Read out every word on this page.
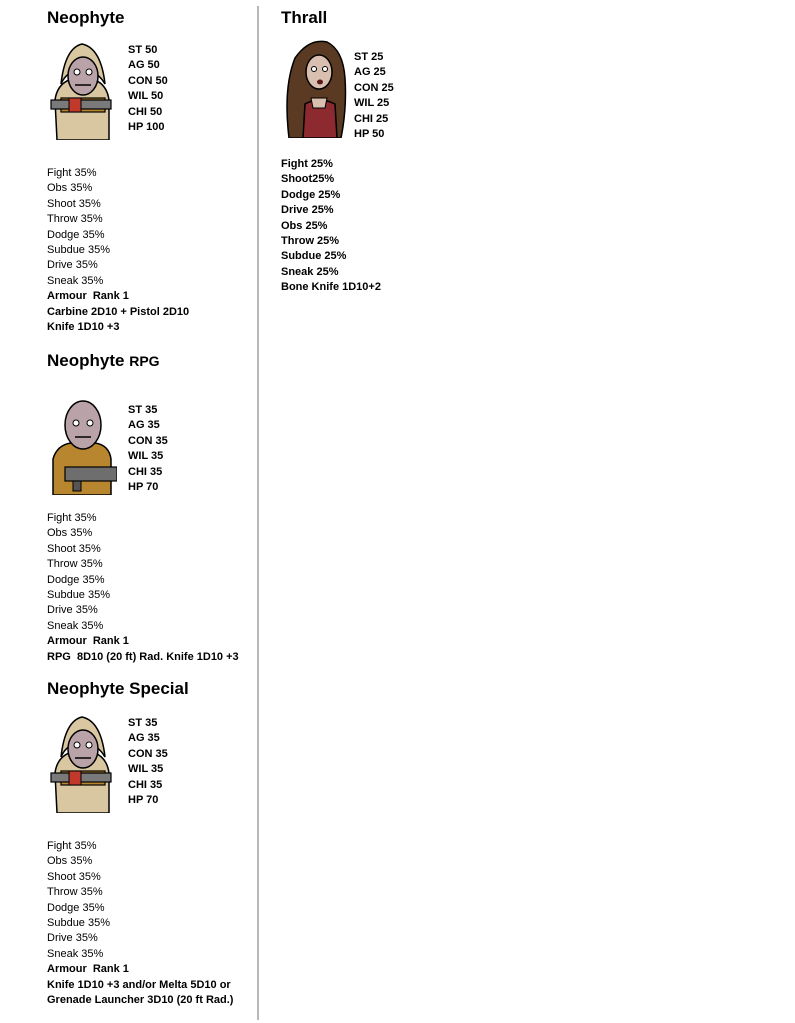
Neophyte
ST 50
AG 50
CON 50
WIL 50
CHI 50
HP 100
Fight 35%
Obs 35%
Shoot 35%
Throw 35%
Dodge 35%
Subdue 35%
Drive 35%
Sneak 35%
Armour  Rank 1
Carbine 2D10 + Pistol 2D10
Knife 1D10 +3
Neophyte RPG
ST 35
AG 35
CON 35
WIL 35
CHI 35
HP 70
Fight 35%
Obs 35%
Shoot 35%
Throw 35%
Dodge 35%
Subdue 35%
Drive 35%
Sneak 35%
Armour  Rank 1
RPG  8D10 (20 ft) Rad. Knife 1D10 +3
Neophyte Special
ST 35
AG 35
CON 35
WIL 35
CHI 35
HP 70
Fight 35%
Obs 35%
Shoot 35%
Throw 35%
Dodge 35%
Subdue 35%
Drive 35%
Sneak 35%
Armour  Rank 1
Knife 1D10 +3 and/or Melta 5D10 or
Grenade Launcher 3D10 (20 ft Rad.)
Thrall
ST 25
AG 25
CON 25
WIL 25
CHI 25
HP 50
Fight 25%
Shoot25%
Dodge 25%
Drive 25%
Obs 25%
Throw 25%
Subdue 25%
Sneak 25%
Bone Knife 1D10+2
